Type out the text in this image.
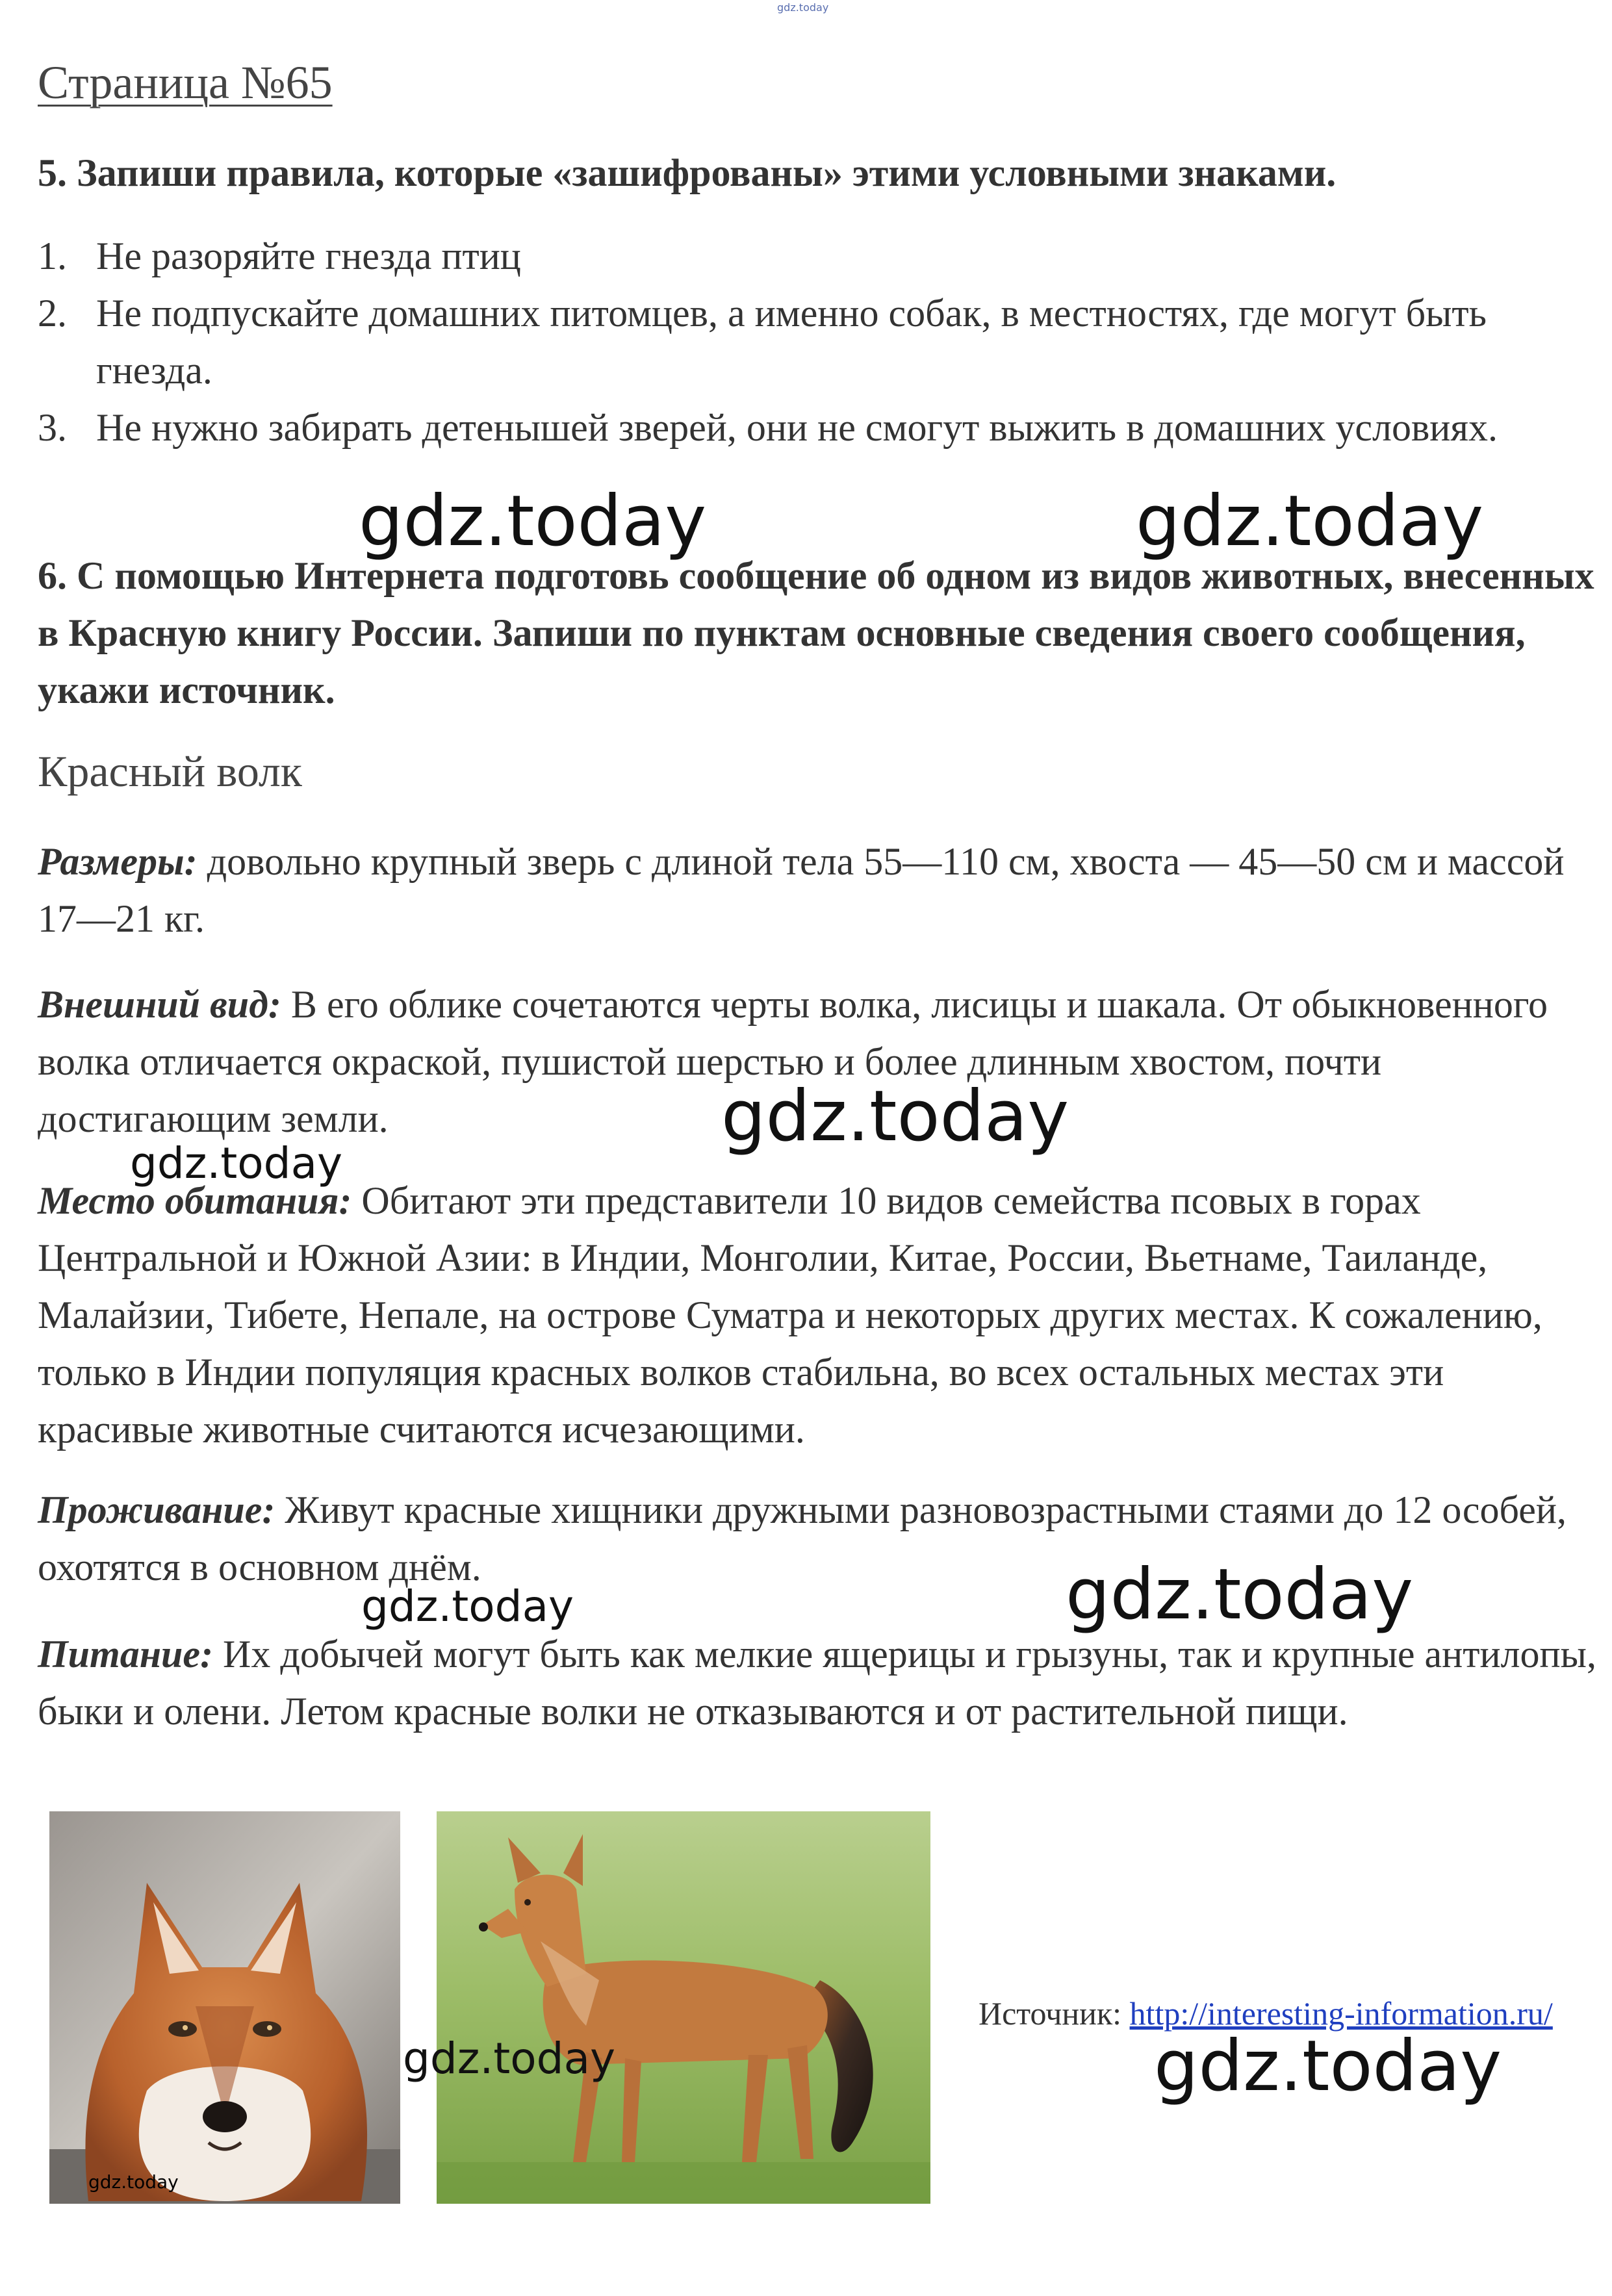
gdz.today
Страница №65
5. Запиши правила, которые «зашифрованы» этими условными знаками.
1. Не разоряйте гнезда птиц
2. Не подпускайте домашних питомцев, а именно собак, в местностях, где могут быть гнезда.
3. Не нужно забирать детенышей зверей, они не смогут выжить в домашних условиях.
6. С помощью Интернета подготовь сообщение об одном из видов животных, внесенных в Красную книгу России. Запиши по пунктам основные сведения своего сообщения, укажи источник.
Красный волк
Размеры: довольно крупный зверь с длиной тела 55—110 см, хвоста — 45—50 см и массой 17—21 кг.
Внешний вид: В его облике сочетаются черты волка, лисицы и шакала. От обыкновенного волка отличается окраской, пушистой шерстью и более длинным хвостом, почти достигающим земли.
Место обитания: Обитают эти представители 10 видов семейства псовых в горах Центральной и Южной Азии: в Индии, Монголии, Китае, России, Вьетнаме, Таиланде, Малайзии, Тибете, Непале, на острове Суматра и некоторых других местах. К сожалению, только в Индии популяция красных волков стабильна, во всех остальных местах эти красивые животные считаются исчезающими.
Проживание: Живут красные хищники дружными разновозрастными стаями до 12 особей, охотятся в основном днём.
Питание: Их добычей могут быть как мелкие ящерицы и грызуны, так и крупные антилопы, быки и олени. Летом красные волки не отказываются и от растительной пищи.
gdz.today
Источник: http://interesting-information.ru/
gdz.today	gdz.today
gdz.today
gdz.today
gdz.today
gdz.today
gdz.today	gdz.today
